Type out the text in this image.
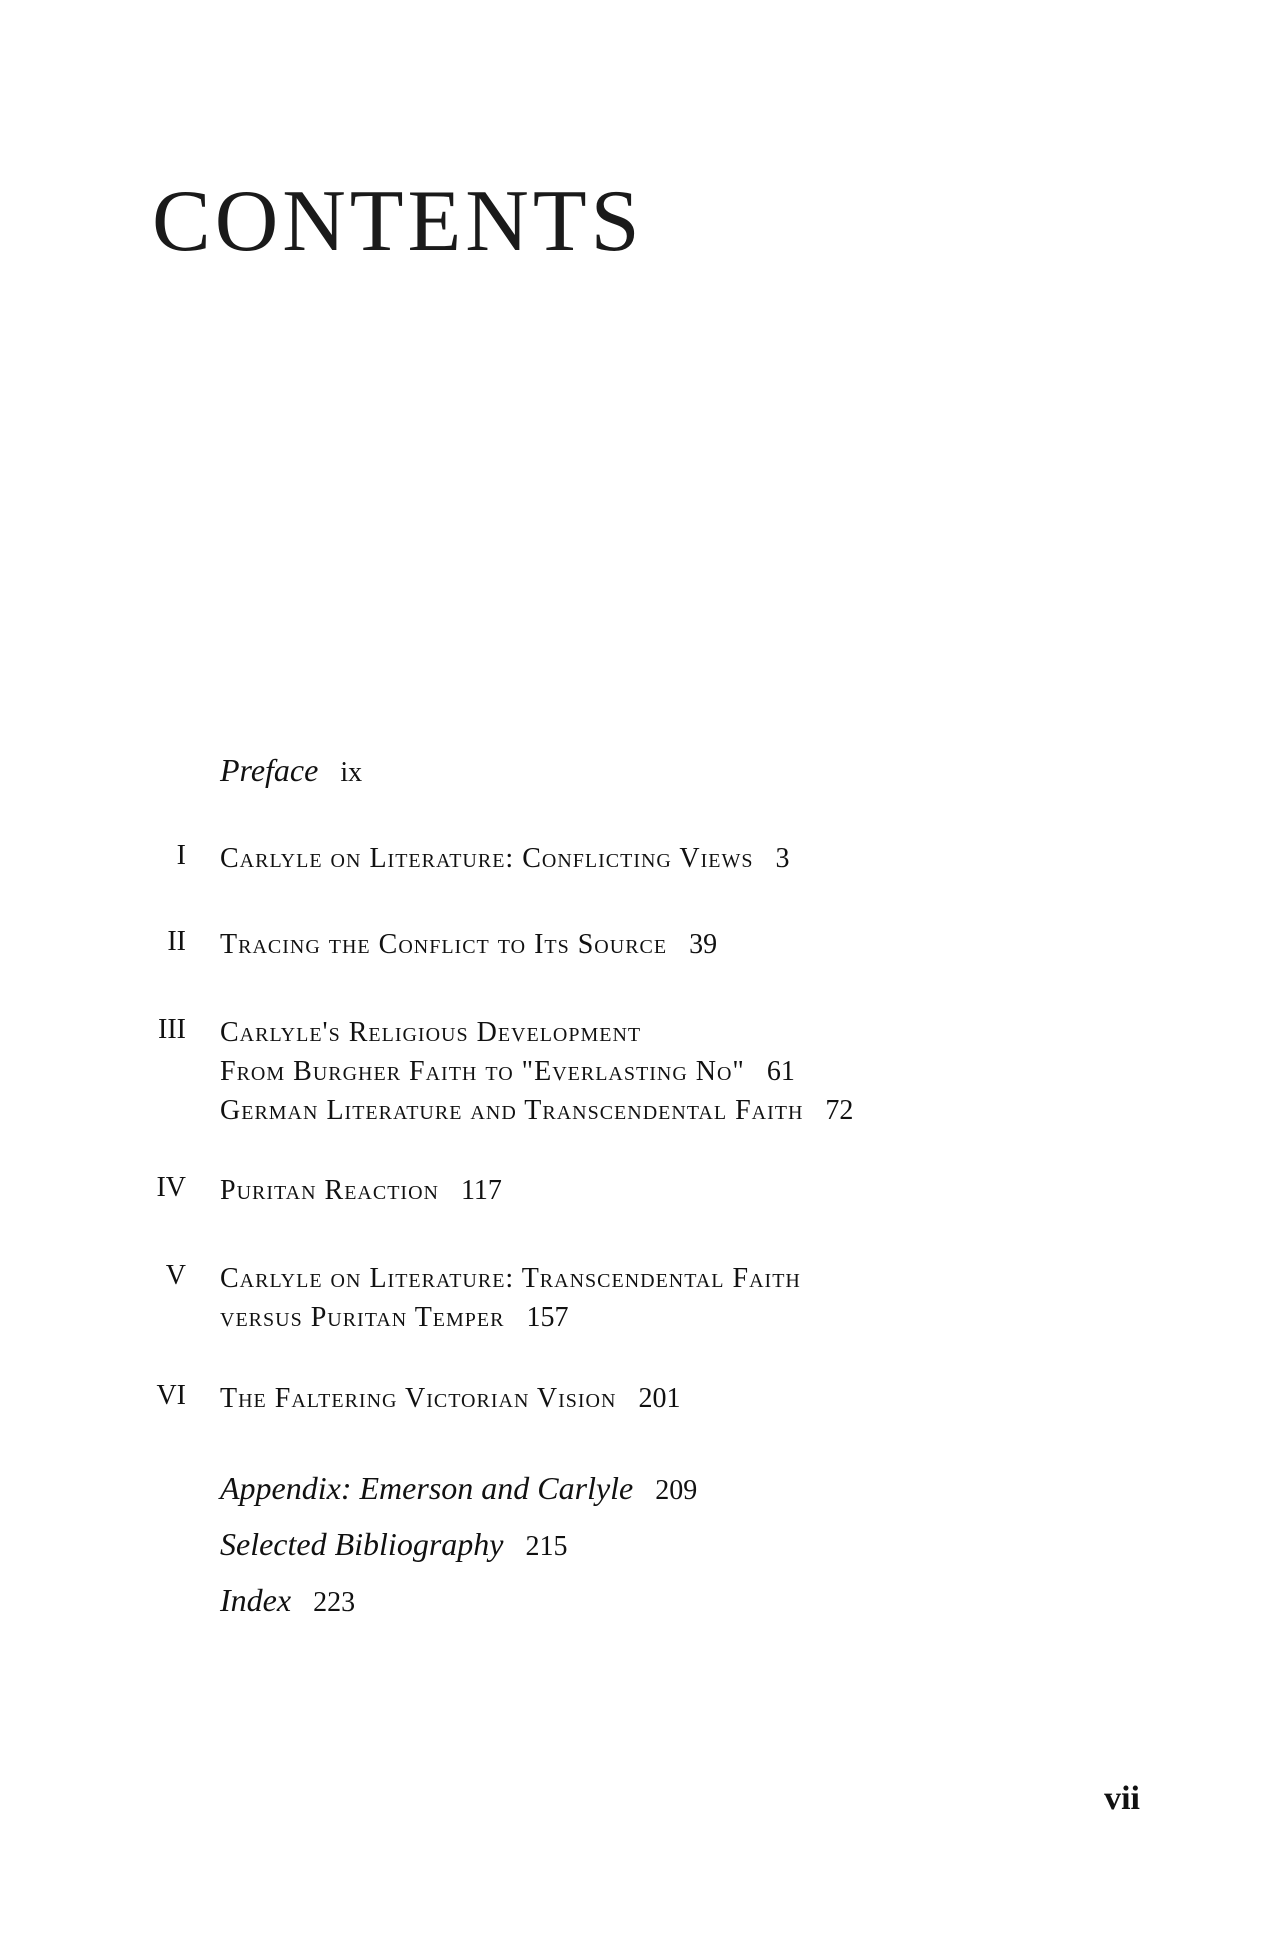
CONTENTS
Preface ix
I Carlyle on Literature: Conflicting Views 3
II Tracing the Conflict to Its Source 39
III Carlyle's Religious Development
From Burgher Faith to "Everlasting No" 61
German Literature and Transcendental Faith 72
IV Puritan Reaction 117
V Carlyle on Literature: Transcendental Faith
versus Puritan Temper 157
VI The Faltering Victorian Vision 201
Appendix: Emerson and Carlyle 209
Selected Bibliography 215
Index 223
vii
